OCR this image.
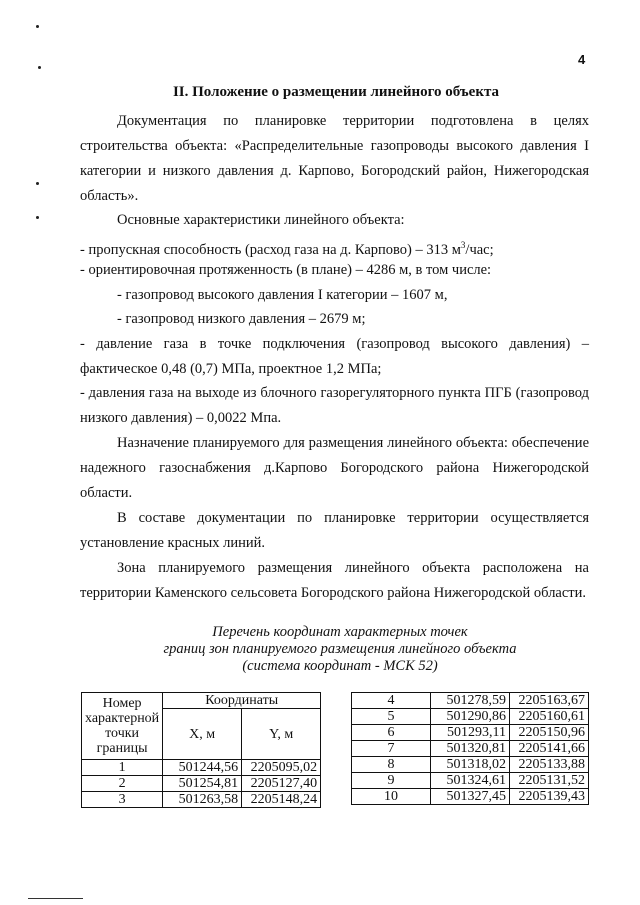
4
II. Положение о размещении линейного объекта
Документация по планировке территории подготовлена в целях
строительства объекта: «Распределительные газопроводы высокого давления I
категории и низкого давления д. Карпово, Богородский район, Нижегородская
область».
Основные характеристики линейного объекта:
- пропускная способность (расход газа на д. Карпово) – 313 $м^3$/час;
- ориентировочная протяженность (в плане) – 4286 м, в том числе:
- газопровод высокого давления I категории – 1607 м,
- газопровод низкого давления – 2679 м;
- давление газа в точке подключения (газопровод высокого давления) –
фактическое 0,48 (0,7) МПа, проектное 1,2 МПа;
- давления газа на выходе из блочного газорегуляторного пункта ПГБ (газопровод
низкого давления) – 0,0022 Мпа.
Назначение планируемого для размещения линейного объекта: обеспечение
надежного газоснабжения д.Карпово Богородского района Нижегородской
области.
В составе документации по планировке территории осуществляется
установление красных линий.
Зона планируемого размещения линейного объекта расположена на
территории Каменского сельсовета Богородского района Нижегородской области.
Перечень координат характерных точек
границ зон планируемого размещения линейного объекта
(система координат - МСК 52)
Номер характерной точки границы	Координаты	
	X, м	Y, м
1	501244,56	2205095,02
2	501254,81	2205127,40
3	501263,58	2205148,24
4	501278,59	2205163,67
5	501290,86	2205160,61
6	501293,11	2205150,96
7	501320,81	2205141,66
8	501318,02	2205133,88
9	501324,61	2205131,52
10	501327,45	2205139,43
